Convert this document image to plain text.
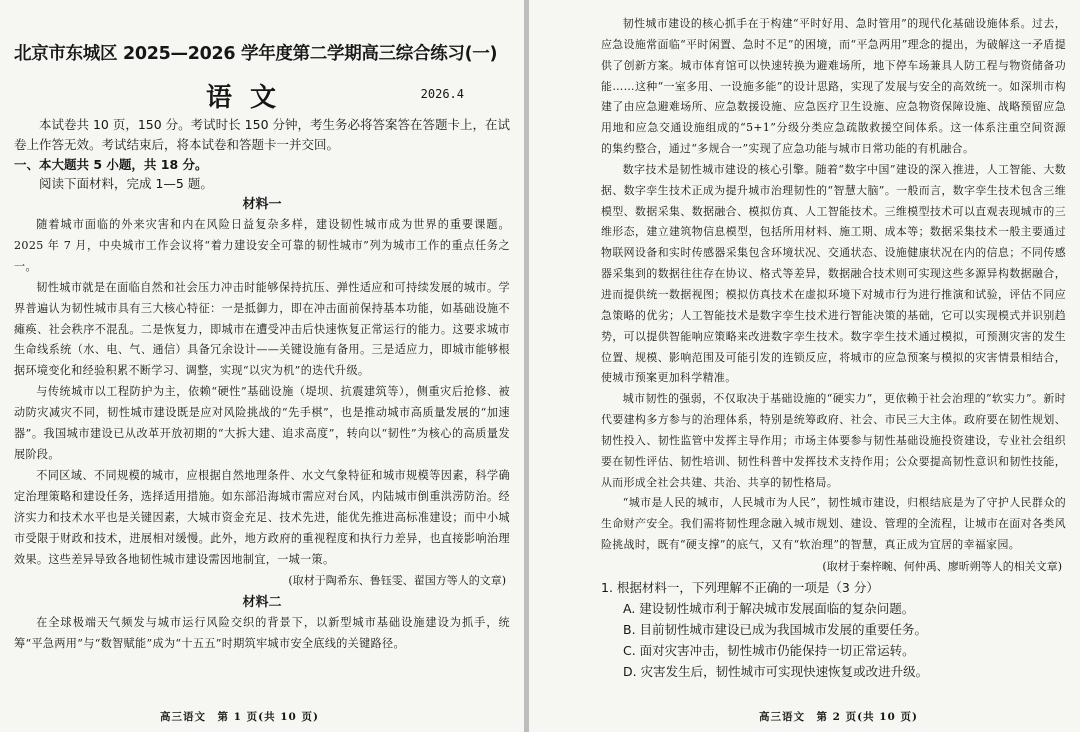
北京市东城区 2025—2026 学年度第二学期高三综合练习(一)
语文	2026.4

本试卷共 10 页，150 分。考试时长 150 分钟，考生务必将答案答在答题卡上，在试卷上作答无效。考试结束后，将本试卷和答题卡一并交回。

一、本大题共 5 小题，共 18 分。

阅读下面材料，完成 1—5 题。

材料一

随着城市面临的外来灾害和内在风险日益复杂多样，建设韧性城市成为世界的重要课题。2025 年 7 月，中央城市工作会议将“着力建设安全可靠的韧性城市”列为城市工作的重点任务之一。

韧性城市就是在面临自然和社会压力冲击时能够保持抗压、弹性适应和可持续发展的城市。学界普遍认为韧性城市具有三大核心特征：一是抵御力，即在冲击面前保持基本功能，如基础设施不瘫痪、社会秩序不混乱。二是恢复力，即城市在遭受冲击后快速恢复正常运行的能力。这要求城市生命线系统（水、电、气、通信）具备冗余设计——关键设施有备用。三是适应力，即城市能够根据环境变化和经验积累不断学习、调整，实现“以灾为机”的迭代升级。

与传统城市以工程防护为主，依赖“硬性”基础设施（堤坝、抗震建筑等），侧重灾后抢修、被动防灾减灾不同，韧性城市建设既是应对风险挑战的“先手棋”，也是推动城市高质量发展的“加速器”。我国城市建设已从改革开放初期的“大拆大建、追求高度”，转向以“韧性”为核心的高质量发展阶段。

不同区域、不同规模的城市，应根据自然地理条件、水文气象特征和城市规模等因素，科学确定治理策略和建设任务，选择适用措施。如东部沿海城市需应对台风，内陆城市倒重洪涝防治。经济实力和技术水平也是关键因素，大城市资金充足、技术先进，能优先推进高标准建设；而中小城市受限于财政和技术，进展相对缓慢。此外，地方政府的重视程度和执行力差异，也直接影响治理效果。这些差异导致各地韧性城市建设需因地制宜，一城一策。

(取材于陶希东、鲁钰雯、翟国方等人的文章)

材料二

在全球极端天气频发与城市运行风险交织的背景下，以新型城市基础设施建设为抓手，统筹“平急两用”与“数智赋能”成为“十五五”时期筑牢城市安全底线的关键路径。

高三语文　第 1 页(共 10 页)

韧性城市建设的核心抓手在于构建“平时好用、急时管用”的现代化基础设施体系。过去，应急设施常面临“平时闲置、急时不足”的困境，而“平急两用”理念的提出，为破解这一矛盾提供了创新方案。城市体育馆可以快速转换为避难场所，地下停车场兼具人防工程与物资储备功能……这种“一室多用、一设施多能”的设计思路，实现了发展与安全的高效统一。如深圳市构建了由应急避难场所、应急数援设施、应急医疗卫生设施、应急物资保障设施、战略预留应急用地和应急交通设施组成的“5+1”分级分类应急疏散救援空间体系。这一体系注重空间资源的集约整合，通过“多规合一”实现了应急功能与城市日常功能的有机融合。

数字技术是韧性城市建设的核心引擎。随着“数字中国”建设的深入推进，人工智能、大数据、数字孪生技术正成为提升城市治理韧性的“智慧大脑”。一般而言，数字孪生技术包含三维模型、数据采集、数据融合、模拟仿真、人工智能技术。三维模型技术可以直观表现城市的三维形态，建立建筑物信息模型，包括所用材料、施工期、成本等；数据采集技术一般主要通过物联网设备和实时传感器采集包含环境状况、交通状态、设施健康状况在内的信息；不同传感器采集到的数据往往存在协议、格式等差异，数据融合技术则可实现这些多源异构数据融合，进而提供统一数据视图；模拟仿真技术在虚拟环境下对城市行为进行推演和试验，评估不同应急策略的优劣；人工智能技术是数字孪生技术进行智能决策的基础，它可以实现模式并识别趋势，可以提供智能响应策略来改进数字孪生技术。数字孪生技术通过模拟，可预测灾害的发生位置、规模、影响范围及可能引发的连锁反应，将城市的应急预案与模拟的灾害情景相结合，使城市预案更加科学精准。

城市韧性的强弱，不仅取决于基础设施的“硬实力”，更依赖于社会治理的“软实力”。新时代要建构多方参与的治理体系，特别是统筹政府、社会、市民三大主体。政府要在韧性规划、韧性投入、韧性监管中发挥主导作用；市场主体要参与韧性基础设施投资建设，专业社会组织要在韧性评估、韧性培训、韧性科普中发挥技术支持作用；公众要提高韧性意识和韧性技能，从而形成全社会共建、共治、共享的韧性格局。

“城市是人民的城市，人民城市为人民”，韧性城市建设，归根结底是为了守护人民群众的生命财产安全。我们需将韧性理念融入城市规划、建设、管理的全流程，让城市在面对各类风险挑战时，既有“硬支撑”的底气，又有“软治理”的智慧，真正成为宜居的幸福家园。

(取材于秦梓畹、何仲禹、廖昕朔等人的相关文章)

1. 根据材料一，下列理解不正确的一项是（3 分）

A. 建设韧性城市利于解决城市发展面临的复杂问题。

B. 目前韧性城市建设已成为我国城市发展的重要任务。

C. 面对灾害冲击，韧性城市仍能保持一切正常运转。

D. 灾害发生后，韧性城市可实现快速恢复或改进升级。

高三语文　第 2 页(共 10 页)
